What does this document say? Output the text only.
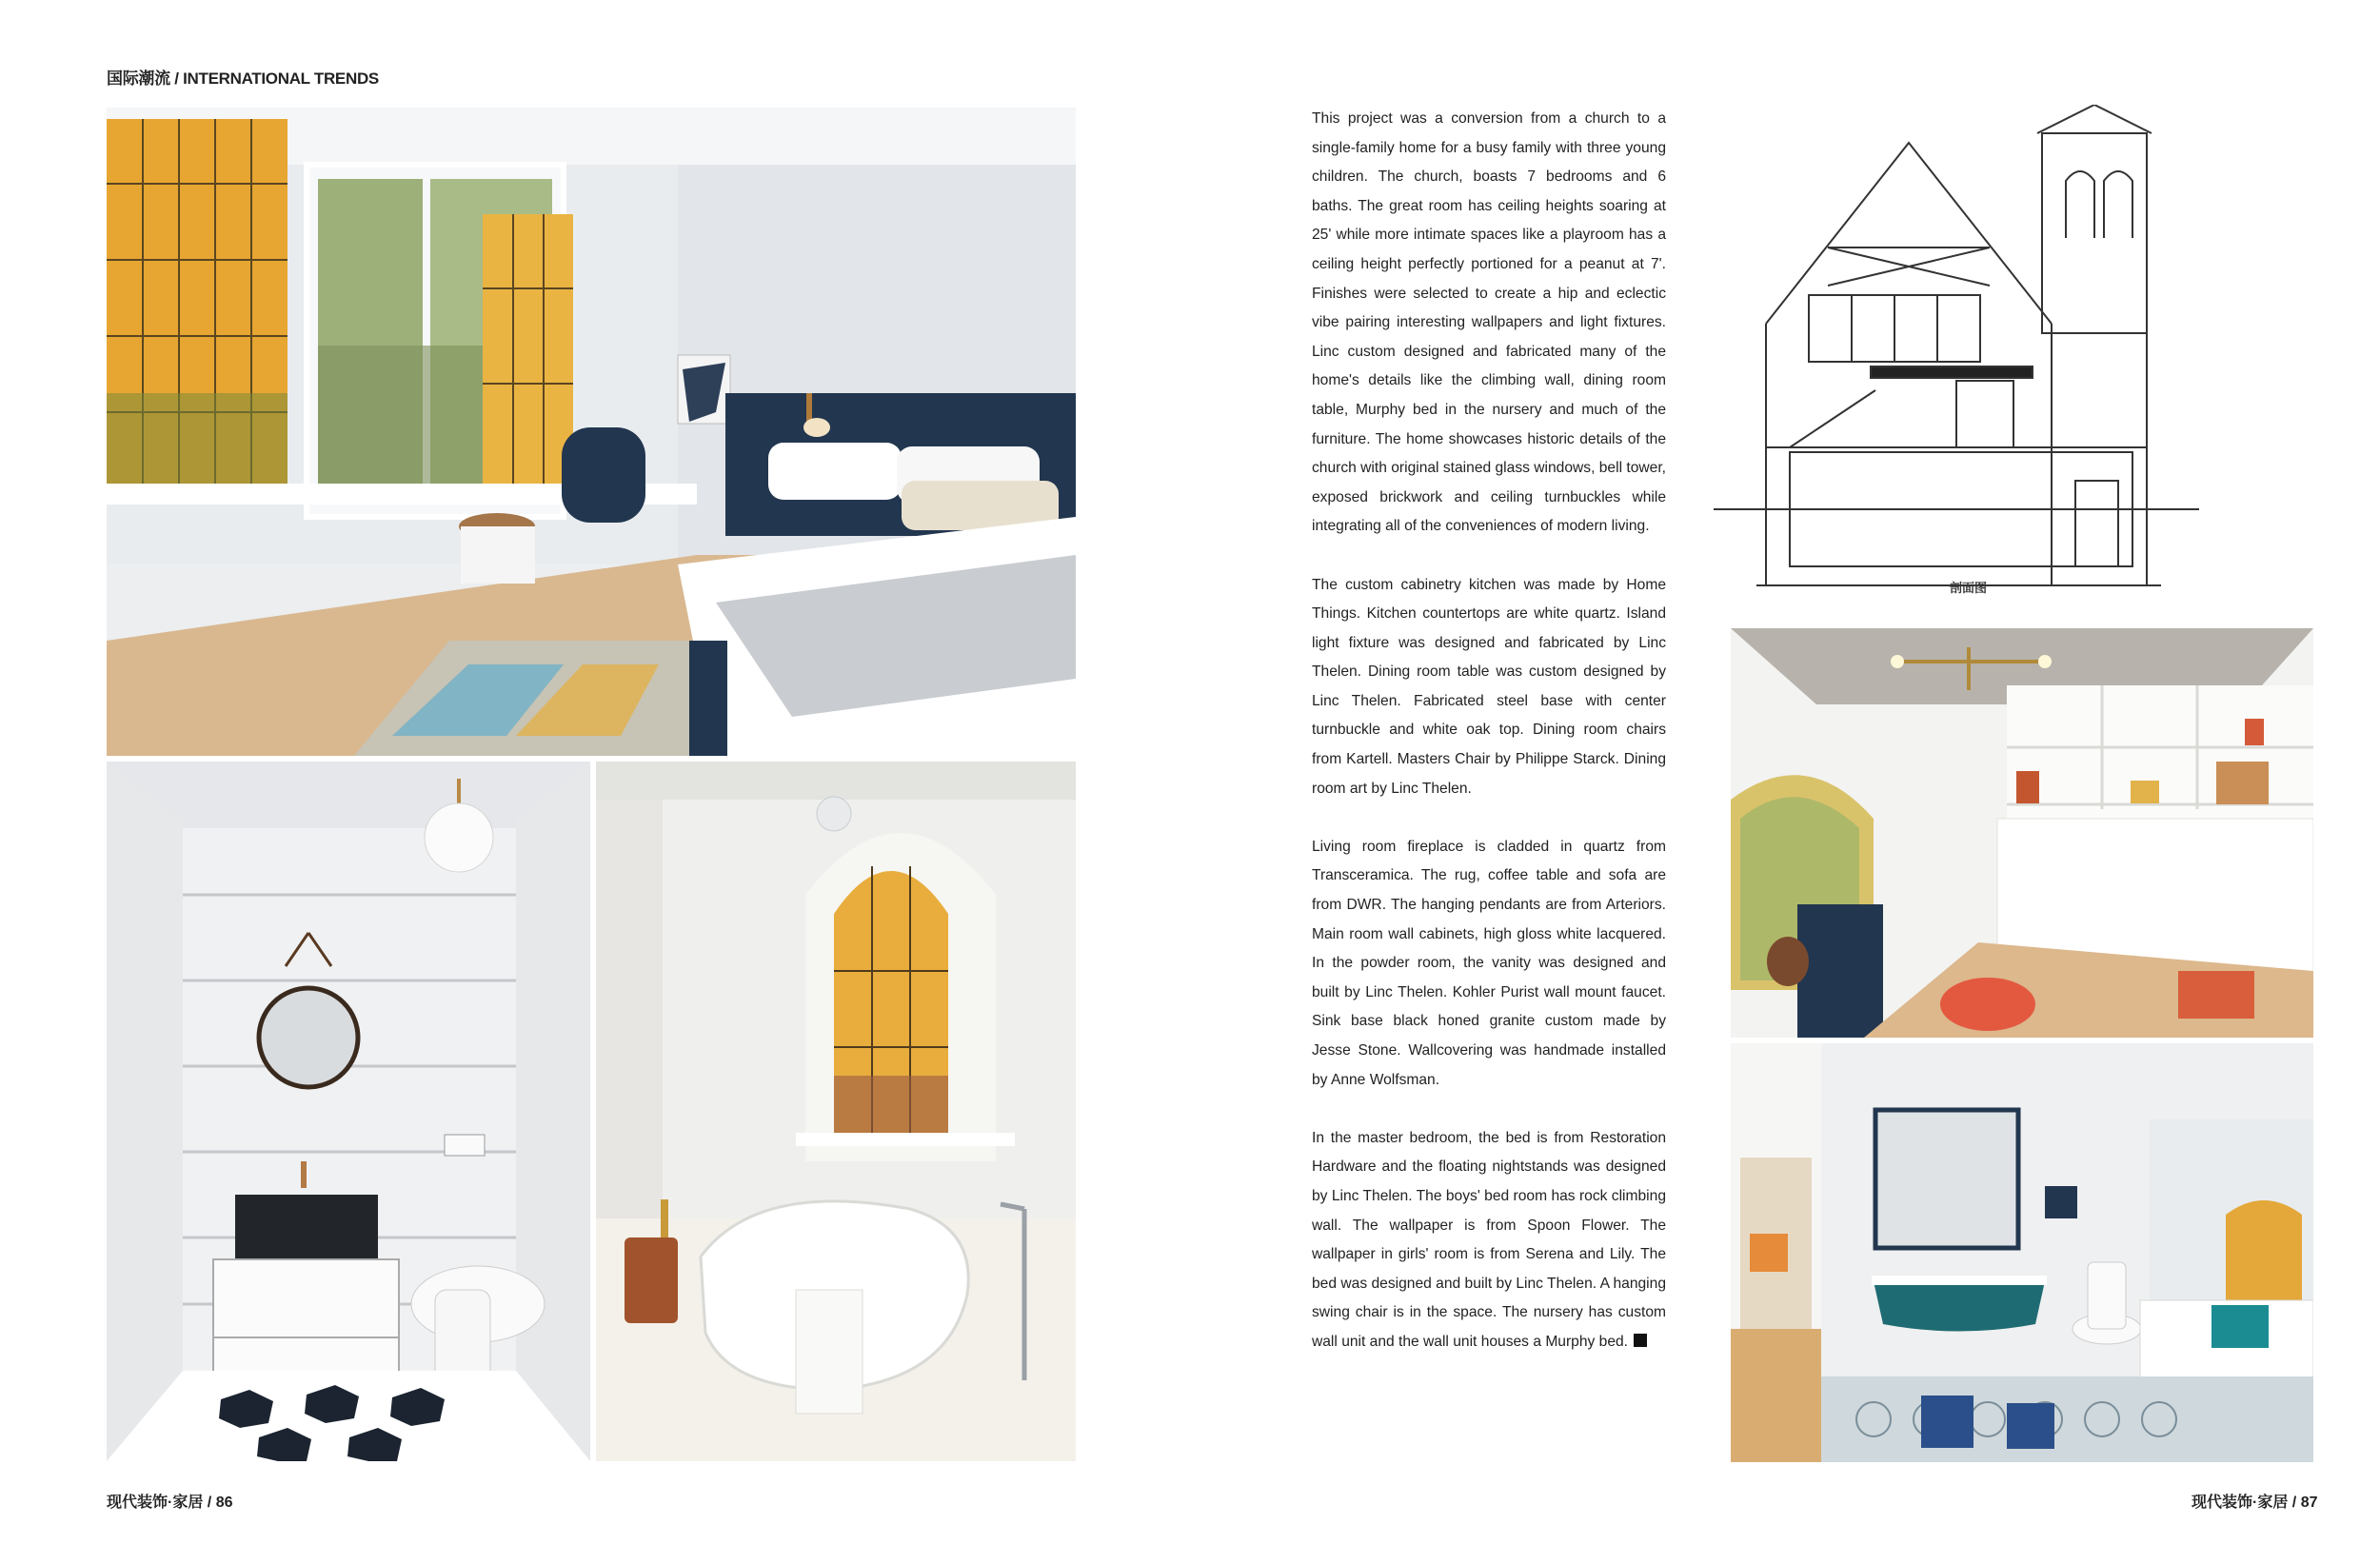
国际潮流 / INTERNATIONAL TRENDS
现代装饰·家居 / 86

This project was a conversion from a church to a single-family home for a busy family with three young children. The church, boasts 7 bedrooms and 6 baths. The great room has ceiling heights soaring at 25' while more intimate spaces like a playroom has a ceiling height perfectly portioned for a peanut at 7'. Finishes were selected to create a hip and eclectic vibe pairing interesting wallpapers and light fixtures. Linc custom designed and fabricated many of the home's details like the climbing wall, dining room table, Murphy bed in the nursery and much of the furniture. The home showcases historic details of the church with original stained glass windows, bell tower, exposed brickwork and ceiling turnbuckles while integrating all of the conveniences of modern living.

The custom cabinetry kitchen was made by Home Things. Kitchen countertops are white quartz. Island light fixture was designed and fabricated by Linc Thelen. Dining room table was custom designed by Linc Thelen. Fabricated steel base with center turnbuckle and white oak top. Dining room chairs from Kartell. Masters Chair by Philippe Starck. Dining room art by Linc Thelen.

Living room fireplace is cladded in quartz from Transceramica. The rug, coffee table and sofa are from DWR. The hanging pendants are from Arteriors. Main room wall cabinets, high gloss white lacquered. In the powder room, the vanity was designed and built by Linc Thelen. Kohler Purist wall mount faucet. Sink base black honed granite custom made by Jesse Stone. Wallcovering was handmade installed by Anne Wolfsman.

In the master bedroom, the bed is from Restoration Hardware and the floating nightstands was designed by Linc Thelen. The boys' bed room has rock climbing wall. The wallpaper is from Spoon Flower. The wallpaper in girls' room is from Serena and Lily. The bed was designed and built by Linc Thelen. A hanging swing chair is in the space. The nursery has custom wall unit and the wall unit houses a Murphy bed.

剖面图
现代装饰·家居 / 87
